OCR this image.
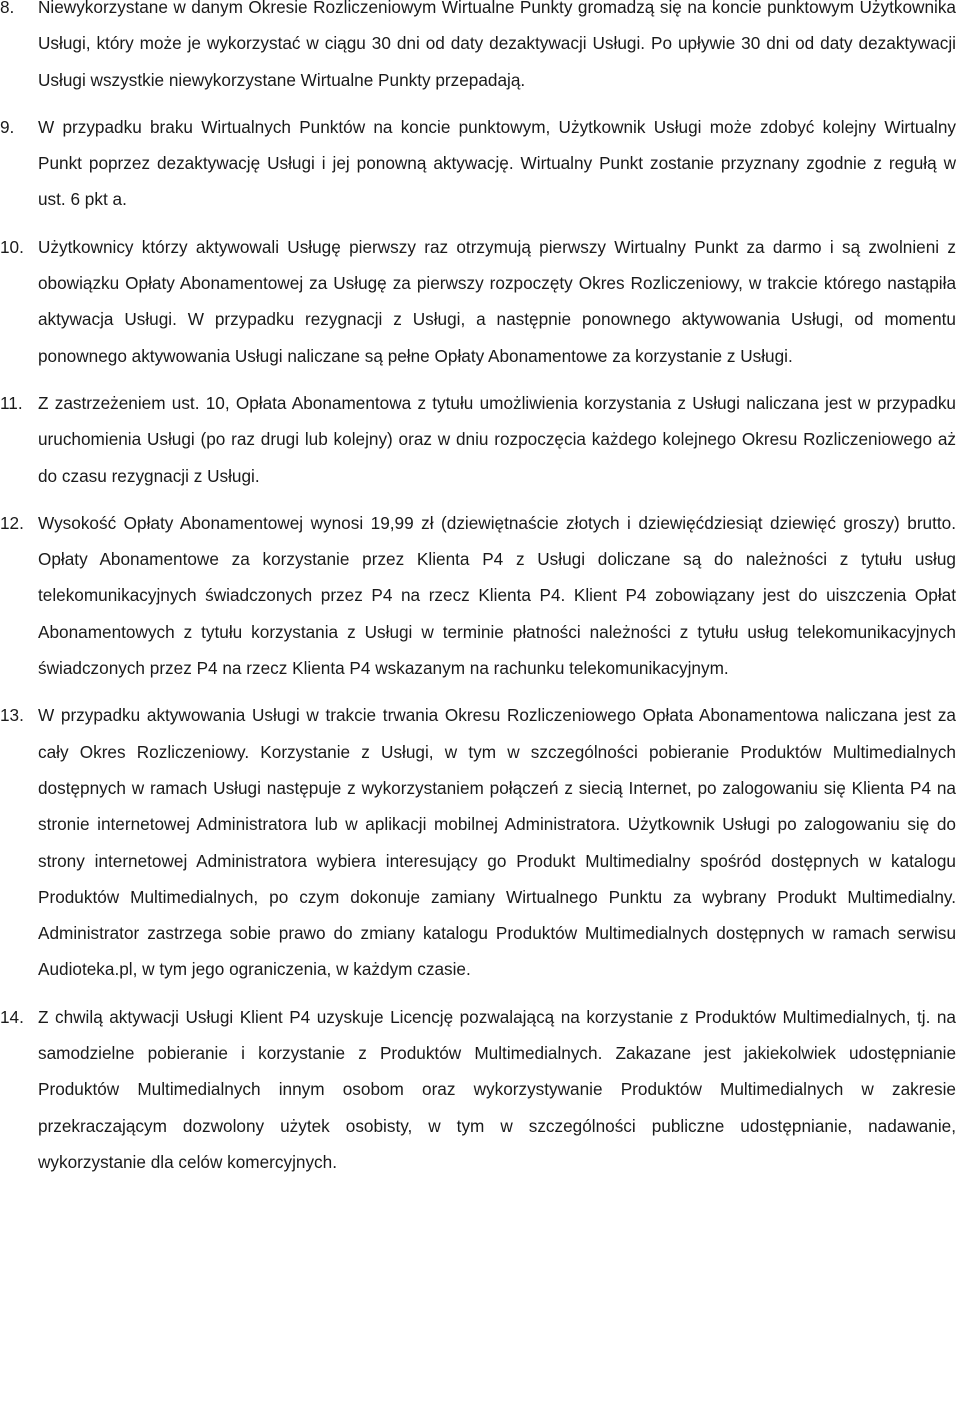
8. Niewykorzystane w danym Okresie Rozliczeniowym Wirtualne Punkty gromadzą się na koncie punktowym Użytkownika Usługi, który może je wykorzystać w ciągu 30 dni od daty dezaktywacji Usługi. Po upływie 30 dni od daty dezaktywacji Usługi wszystkie niewykorzystane Wirtualne Punkty przepadają.
9. W przypadku braku Wirtualnych Punktów na koncie punktowym, Użytkownik Usługi może zdobyć kolejny Wirtualny Punkt poprzez dezaktywację Usługi i jej ponowną aktywację. Wirtualny Punkt zostanie przyznany zgodnie z regułą w ust. 6 pkt a.
10. Użytkownicy którzy aktywowali Usługę pierwszy raz otrzymują pierwszy Wirtualny Punkt za darmo i są zwolnieni z obowiązku Opłaty Abonamentowej za Usługę za pierwszy rozpoczęty Okres Rozliczeniowy, w trakcie którego nastąpiła aktywacja Usługi. W przypadku rezygnacji z Usługi, a następnie ponownego aktywowania Usługi, od momentu ponownego aktywowania Usługi naliczane są pełne Opłaty Abonamentowe za korzystanie z Usługi.
11. Z zastrzeżeniem ust. 10, Opłata Abonamentowa z tytułu umożliwienia korzystania z Usługi naliczana jest w przypadku uruchomienia Usługi (po raz drugi lub kolejny) oraz w dniu rozpoczęcia każdego kolejnego Okresu Rozliczeniowego aż do czasu rezygnacji z Usługi.
12. Wysokość Opłaty Abonamentowej wynosi 19,99 zł (dziewiętnaście złotych i dziewięćdziesiąt dziewięć groszy) brutto. Opłaty Abonamentowe za korzystanie przez Klienta P4 z Usługi doliczane są do należności z tytułu usług telekomunikacyjnych świadczonych przez P4 na rzecz Klienta P4. Klient P4 zobowiązany jest do uiszczenia Opłat Abonamentowych z tytułu korzystania z Usługi w terminie płatności należności z tytułu usług telekomunikacyjnych świadczonych przez P4 na rzecz Klienta P4 wskazanym na rachunku telekomunikacyjnym.
13. W przypadku aktywowania Usługi w trakcie trwania Okresu Rozliczeniowego Opłata Abonamentowa naliczana jest za cały Okres Rozliczeniowy. Korzystanie z Usługi, w tym w szczególności pobieranie Produktów Multimedialnych dostępnych w ramach Usługi następuje z wykorzystaniem połączeń z siecią Internet, po zalogowaniu się Klienta P4 na stronie internetowej Administratora lub w aplikacji mobilnej Administratora. Użytkownik Usługi po zalogowaniu się do strony internetowej Administratora wybiera interesujący go Produkt Multimedialny spośród dostępnych w katalogu Produktów Multimedialnych, po czym dokonuje zamiany Wirtualnego Punktu za wybrany Produkt Multimedialny. Administrator zastrzega sobie prawo do zmiany katalogu Produktów Multimedialnych dostępnych w ramach serwisu Audioteka.pl, w tym jego ograniczenia, w każdym czasie.
14. Z chwilą aktywacji Usługi Klient P4 uzyskuje Licencję pozwalającą na korzystanie z Produktów Multimedialnych, tj. na samodzielne pobieranie i korzystanie z Produktów Multimedialnych. Zakazane jest jakiekolwiek udostępnianie Produktów Multimedialnych innym osobom oraz wykorzystywanie Produktów Multimedialnych w zakresie przekraczającym dozwolony użytek osobisty, w tym w szczególności publiczne udostępnianie, nadawanie, wykorzystanie dla celów komercyjnych.
